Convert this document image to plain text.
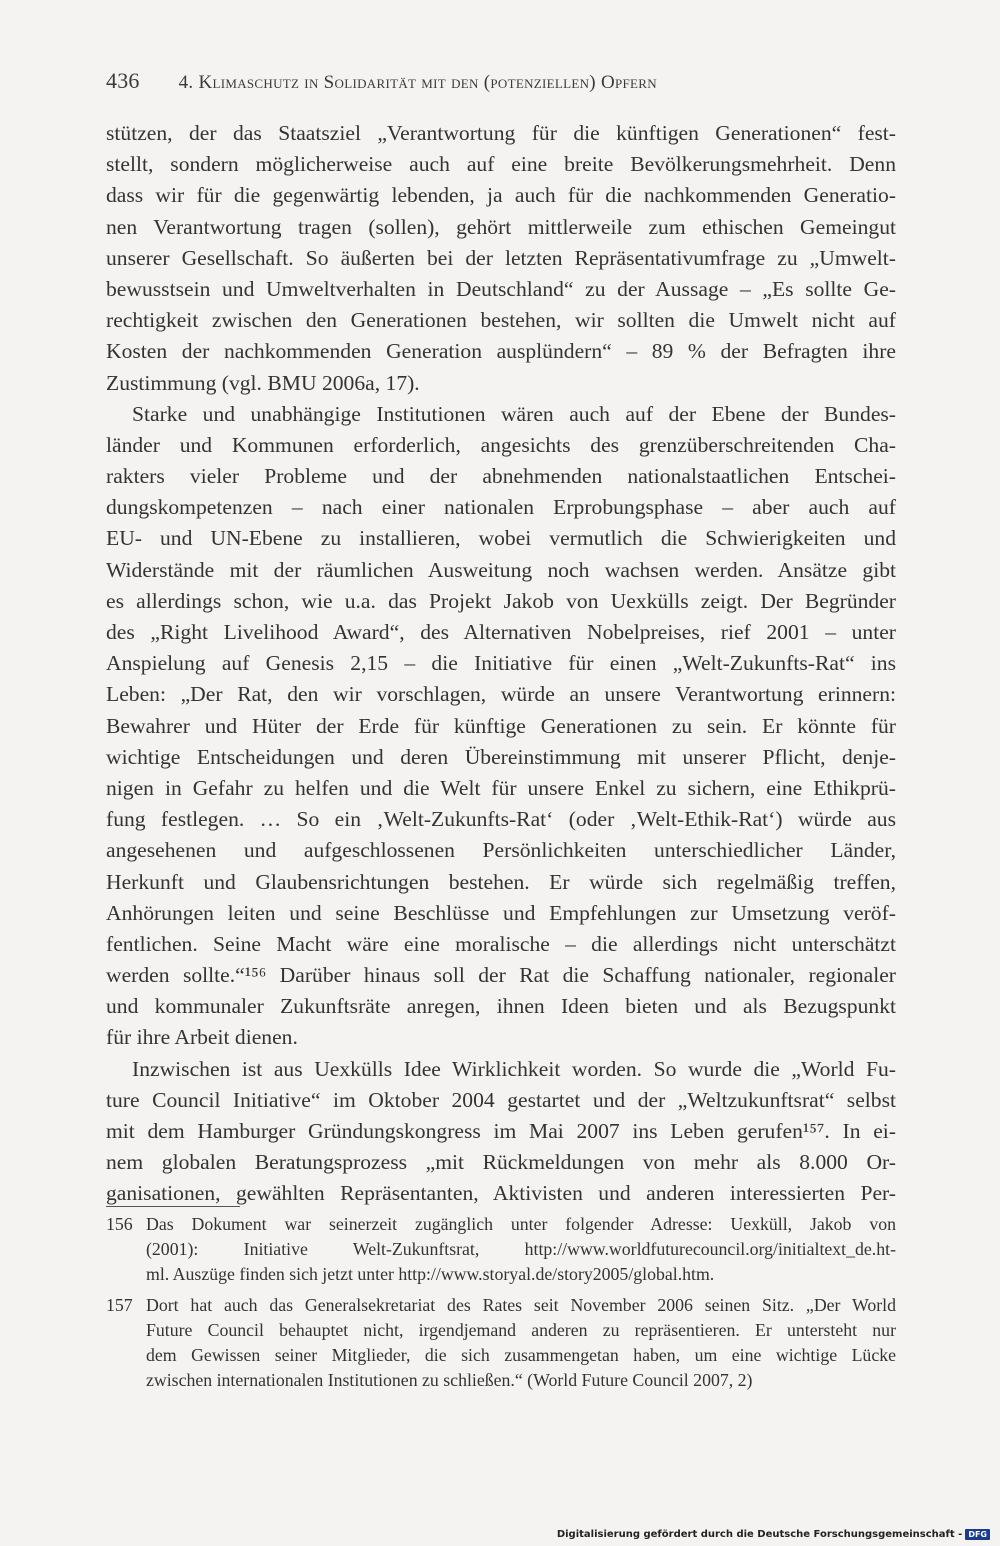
436 4. Klimaschutz in Solidarität mit den (potenziellen) Opfern
stützen, der das Staatsziel „Verantwortung für die künftigen Generationen“ fest-
stellt, sondern möglicherweise auch auf eine breite Bevölkerungsmehrheit. Denn
dass wir für die gegenwärtig lebenden, ja auch für die nachkommenden Generatio-
nen Verantwortung tragen (sollen), gehört mittlerweile zum ethischen Gemeingut
unserer Gesellschaft. So äußerten bei der letzten Repräsentativumfrage zu „Umwelt-
bewusstsein und Umweltverhalten in Deutschland“ zu der Aussage – „Es sollte Ge-
rechtigkeit zwischen den Generationen bestehen, wir sollten die Umwelt nicht auf
Kosten der nachkommenden Generation ausplündern“ – 89 % der Befragten ihre
Zustimmung (vgl. BMU 2006a, 17).
Starke und unabhängige Institutionen wären auch auf der Ebene der Bundes-
länder und Kommunen erforderlich, angesichts des grenzüberschreitenden Cha-
rakters vieler Probleme und der abnehmenden nationalstaatlichen Entschei-
dungskompetenzen – nach einer nationalen Erprobungsphase – aber auch auf
EU- und UN-Ebene zu installieren, wobei vermutlich die Schwierigkeiten und
Widerstände mit der räumlichen Ausweitung noch wachsen werden. Ansätze gibt
es allerdings schon, wie u.a. das Projekt Jakob von Uexkülls zeigt. Der Begründer
des „Right Livelihood Award“, des Alternativen Nobelpreises, rief 2001 – unter
Anspielung auf Genesis 2,15 – die Initiative für einen „Welt-Zukunfts-Rat“ ins
Leben: „Der Rat, den wir vorschlagen, würde an unsere Verantwortung erinnern:
Bewahrer und Hüter der Erde für künftige Generationen zu sein. Er könnte für
wichtige Entscheidungen und deren Übereinstimmung mit unserer Pflicht, denje-
nigen in Gefahr zu helfen und die Welt für unsere Enkel zu sichern, eine Ethikprü-
fung festlegen. … So ein ‚Welt-Zukunfts-Rat‘ (oder ‚Welt-Ethik-Rat‘) würde aus
angesehenen und aufgeschlossenen Persönlichkeiten unterschiedlicher Länder,
Herkunft und Glaubensrichtungen bestehen. Er würde sich regelmäßig treffen,
Anhörungen leiten und seine Beschlüsse und Empfehlungen zur Umsetzung veröf-
fentlichen. Seine Macht wäre eine moralische – die allerdings nicht unterschätzt
werden sollte.“¹⁵⁶ Darüber hinaus soll der Rat die Schaffung nationaler, regionaler
und kommunaler Zukunftsräte anregen, ihnen Ideen bieten und als Bezugspunkt
für ihre Arbeit dienen.
Inzwischen ist aus Uexkülls Idee Wirklichkeit worden. So wurde die „World Fu-
ture Council Initiative“ im Oktober 2004 gestartet und der „Weltzukunftsrat“ selbst
mit dem Hamburger Gründungskongress im Mai 2007 ins Leben gerufen¹⁵⁷. In ei-
nem globalen Beratungsprozess „mit Rückmeldungen von mehr als 8.000 Or-
ganisationen, gewählten Repräsentanten, Aktivisten und anderen interessierten Per-
156 Das Dokument war seinerzeit zugänglich unter folgender Adresse: Uexküll, Jakob von
(2001): Initiative Welt-Zukunftsrat, http://www.worldfuturecouncil.org/initialtext_de.ht-
ml. Auszüge finden sich jetzt unter http://www.storyal.de/story2005/global.htm.
157 Dort hat auch das Generalsekretariat des Rates seit November 2006 seinen Sitz. „Der World
Future Council behauptet nicht, irgendjemand anderen zu repräsentieren. Er untersteht nur
dem Gewissen seiner Mitglieder, die sich zusammengetan haben, um eine wichtige Lücke
zwischen internationalen Institutionen zu schließen.“ (World Future Council 2007, 2)
Digitalisierung gefördert durch die Deutsche Forschungsgemeinschaft - DFG
